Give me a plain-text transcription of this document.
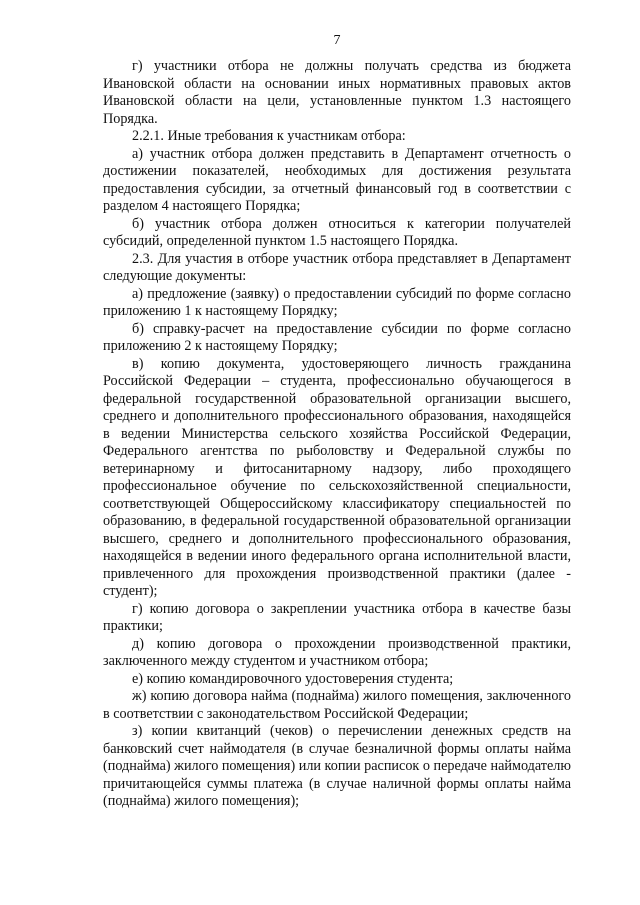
7

г) участники отбора не должны получать средства из бюджета Ивановской области на основании иных нормативных правовых актов Ивановской области на цели, установленные пунктом 1.3 настоящего Порядка.

2.2.1. Иные требования к участникам отбора:

а) участник отбора должен представить в Департамент отчетность о достижении показателей, необходимых для достижения результата предоставления субсидии, за отчетный финансовый год в соответствии с разделом 4 настоящего Порядка;

б) участник отбора должен относиться к категории получателей субсидий, определенной пунктом 1.5 настоящего Порядка.

2.3. Для участия в отборе участник отбора представляет в Департамент следующие документы:

а) предложение (заявку) о предоставлении субсидий по форме согласно приложению 1 к настоящему Порядку;

б) справку-расчет на предоставление субсидии по форме согласно приложению 2 к настоящему Порядку;

в) копию документа, удостоверяющего личность гражданина Российской Федерации – студента, профессионально обучающегося в федеральной государственной образовательной организации высшего, среднего и дополнительного профессионального образования, находящейся в ведении Министерства сельского хозяйства Российской Федерации, Федерального агентства по рыболовству и Федеральной службы по ветеринарному и фитосанитарному надзору, либо проходящего профессиональное обучение по сельскохозяйственной специальности, соответствующей Общероссийскому классификатору специальностей по образованию, в федеральной государственной образовательной организации высшего, среднего и дополнительного профессионального образования, находящейся в ведении иного федерального органа исполнительной власти, привлеченного для прохождения производственной практики (далее - студент);

г) копию договора о закреплении участника отбора в качестве базы практики;

д) копию договора о прохождении производственной практики, заключенного между студентом и участником отбора;

е) копию командировочного удостоверения студента;

ж) копию договора найма (поднайма) жилого помещения, заключенного в соответствии с законодательством Российской Федерации;

з) копии квитанций (чеков) о перечислении денежных средств на банковский счет наймодателя (в случае безналичной формы оплаты найма (поднайма) жилого помещения) или копии расписок о передаче наймодателю причитающейся суммы платежа (в случае наличной формы оплаты найма (поднайма) жилого помещения);
